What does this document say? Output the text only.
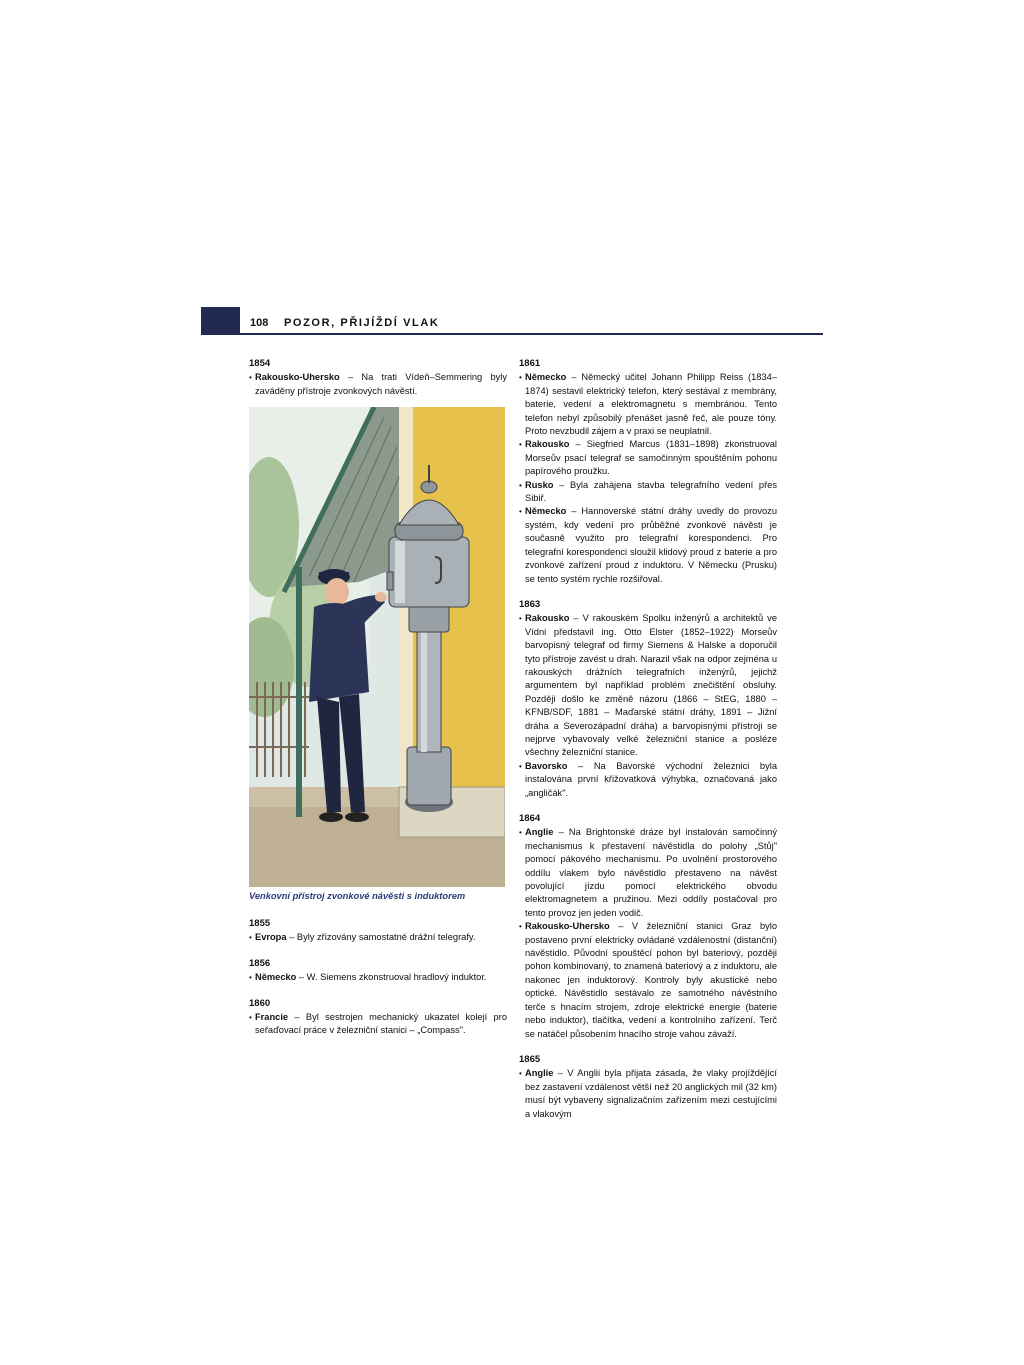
108 POZOR, PŘIJÍŽDÍ VLAK
1854

• Rakousko-Uhersko – Na trati Vídeň–Semmering byly zaváděny přístroje zvonkových návěstí.

Venkovní přístroj zvonkové návěsti s induktorem
1855

• Evropa – Byly zřizovány samostatné drážní telegrafy.

1856

• Německo – W. Siemens zkonstruoval hradlový induktor.

1860

• Francie – Byl sestrojen mechanický ukazatel kolejí pro seřaďovací práce v železniční stanici – „Compass".

1861

• Německo – Německý učitel Johann Philipp Reiss (1834–1874) sestavil elektrický telefon, který sestával z membrány, baterie, vedení a elektromagnetu s membránou. Tento telefon nebyl způsobilý přenášet jasně řeč, ale pouze tóny. Proto nevzbudil zájem a v praxi se neuplatnil.

• Rakousko – Siegfried Marcus (1831–1898) zkonstruoval Morseův psací telegraf se samočinným spouštěním pohonu papírového proužku.

• Rusko – Byla zahájena stavba telegrafního vedení přes Sibiř.

• Německo – Hannoverské státní dráhy uvedly do provozu systém, kdy vedení pro průběžné zvonkové návěsti je současně využito pro telegrafní korespondenci. Pro telegrafní korespondenci sloužil klidový proud z baterie a pro zvonkové zařízení proud z induktoru. V Německu (Prusku) se tento systém rychle rozšiřoval.

1863

• Rakousko – V rakouském Spolku inženýrů a architektů ve Vídni představil ing. Otto Elster (1852–1922) Morseův barvopisný telegraf od firmy Siemens & Halske a doporučil tyto přístroje zavést u drah. Narazil však na odpor zejména u rakouských drážních telegrafních inženýrů, jejichž argumentem byl například problém znečištění obsluhy. Později došlo ke změně názoru (1866 – StEG, 1880 – KFNB/SDF, 1881 – Maďarské státní dráhy, 1891 – Jižní dráha a Severozápadní dráha) a barvopisnými přístroji se nejprve vybavovaly velké železniční stanice a posléze všechny železniční stanice.

• Bavorsko – Na Bavorské východní železnici byla instalována první křižovatková výhybka, označovaná jako „angličák".

1864

• Anglie – Na Brightonské dráze byl instalován samočinný mechanismus k přestavení návěstidla do polohy „Stůj" pomocí pákového mechanismu. Po uvolnění prostorového oddílu vlakem bylo návěstidlo přestaveno na návěst povolující jízdu pomocí elektrického obvodu elektromagnetem a pružinou. Mezi oddíly postačoval pro tento provoz jen jeden vodič.

• Rakousko-Uhersko – V železniční stanici Graz bylo postaveno první elektricky ovládané vzdálenostní (distanční) návěstidlo. Původní spouštěcí pohon byl bateriový, později pohon kombinovaný, to znamená bateriový a z induktoru, ale nakonec jen induktorový. Kontroly byly akustické nebo optické. Návěstidlo sestávalo ze samotného návěstního terče s hnacím strojem, zdroje elektrické energie (baterie nebo induktor), tlačítka, vedení a kontrolního zařízení. Terč se natáčel působením hnacího stroje vahou závaží.

1865

• Anglie – V Anglii byla přijata zásada, že vlaky projíždějící bez zastavení vzdálenost větší než 20 anglických mil (32 km) musí být vybaveny signalizačním zařízením mezi cestujícími a vlakovým
